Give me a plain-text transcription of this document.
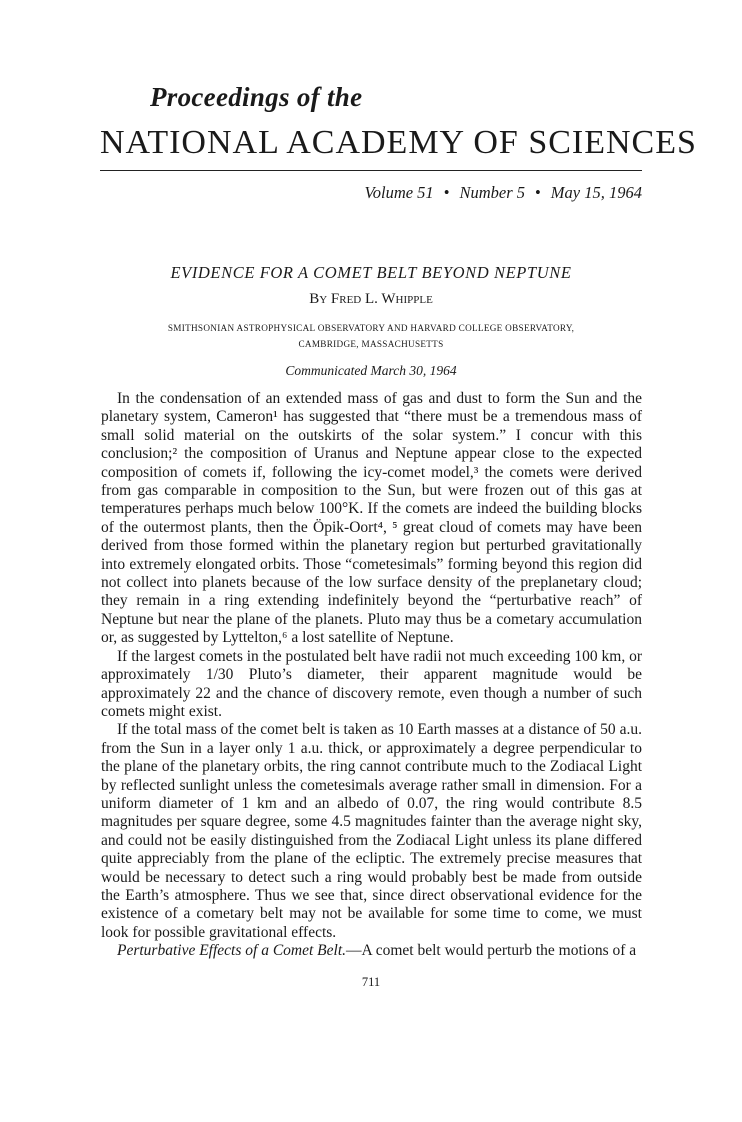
Proceedings of the
NATIONAL ACADEMY OF SCIENCES
Volume 51 • Number 5 • May 15, 1964
EVIDENCE FOR A COMET BELT BEYOND NEPTUNE
By Fred L. Whipple
SMITHSONIAN ASTROPHYSICAL OBSERVATORY AND HARVARD COLLEGE OBSERVATORY,
CAMBRIDGE, MASSACHUSETTS
Communicated March 30, 1964

In the condensation of an extended mass of gas and dust to form the Sun and the planetary system, Cameron¹ has suggested that “there must be a tremendous mass of small solid material on the outskirts of the solar system.” I concur with this conclusion;² the composition of Uranus and Neptune appear close to the expected composition of comets if, following the icy-comet model,³ the comets were derived from gas comparable in composition to the Sun, but were frozen out of this gas at temperatures perhaps much below 100°K. If the comets are indeed the building blocks of the outermost plants, then the Öpik-Oort⁴, ⁵ great cloud of comets may have been derived from those formed within the planetary region but perturbed gravitationally into extremely elongated orbits. Those “cometesimals” forming beyond this region did not collect into planets because of the low surface density of the preplanetary cloud; they remain in a ring extending indefinitely beyond the “perturbative reach” of Neptune but near the plane of the planets. Pluto may thus be a cometary accumulation or, as suggested by Lyttelton,⁶ a lost satellite of Neptune.

If the largest comets in the postulated belt have radii not much exceeding 100 km, or approximately 1/30 Pluto’s diameter, their apparent magnitude would be approximately 22 and the chance of discovery remote, even though a number of such comets might exist.

If the total mass of the comet belt is taken as 10 Earth masses at a distance of 50 a.u. from the Sun in a layer only 1 a.u. thick, or approximately a degree perpendicular to the plane of the planetary orbits, the ring cannot contribute much to the Zodiacal Light by reflected sunlight unless the cometesimals average rather small in dimension. For a uniform diameter of 1 km and an albedo of 0.07, the ring would contribute 8.5 magnitudes per square degree, some 4.5 magnitudes fainter than the average night sky, and could not be easily distinguished from the Zodiacal Light unless its plane differed quite appreciably from the plane of the ecliptic. The extremely precise measures that would be necessary to detect such a ring would probably best be made from outside the Earth’s atmosphere. Thus we see that, since direct observational evidence for the existence of a cometary belt may not be available for some time to come, we must look for possible gravitational effects.

Perturbative Effects of a Comet Belt.—A comet belt would perturb the motions of a

711
